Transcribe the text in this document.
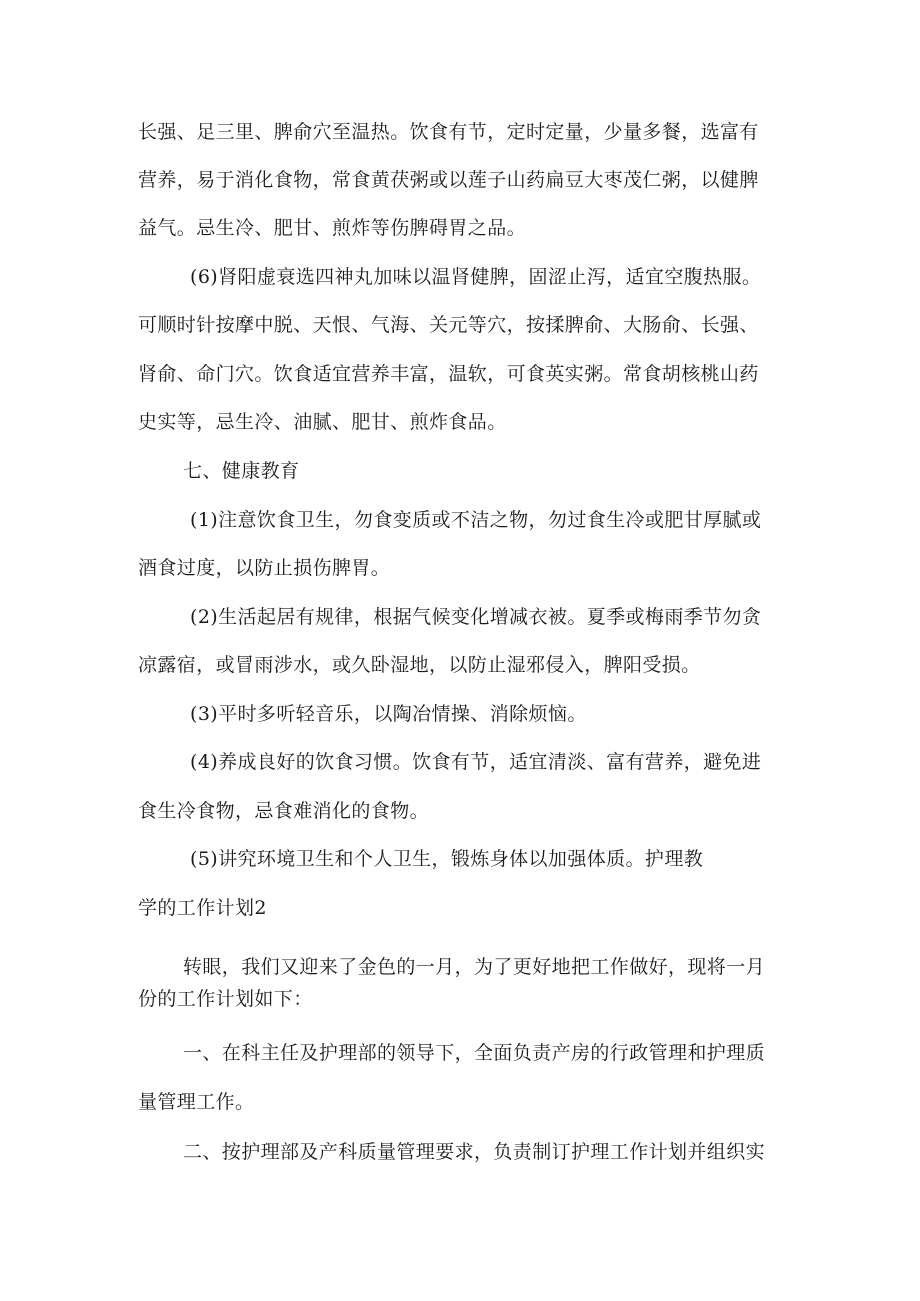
长强、足三里、脾俞穴至温热。饮食有节，定时定量，少量多餐，选富有
营养，易于消化食物，常食黄茯粥或以莲子山药扁豆大枣茂仁粥，以健脾
益气。忌生冷、肥甘、煎炸等伤脾碍胃之品。
(6)肾阳虚衰选四神丸加味以温肾健脾，固涩止泻，适宜空腹热服。
可顺时针按摩中脱、天恨、气海、关元等穴，按揉脾俞、大肠俞、长强、
肾俞、命门穴。饮食适宜营养丰富，温软，可食英实粥。常食胡核桃山药
史实等，忌生冷、油腻、肥甘、煎炸食品。
七、健康教育
(1)注意饮食卫生，勿食变质或不洁之物，勿过食生冷或肥甘厚腻或
酒食过度，以防止损伤脾胃。
(2)生活起居有规律，根据气候变化增减衣被。夏季或梅雨季节勿贪
凉露宿，或冒雨涉水，或久卧湿地，以防止湿邪侵入，脾阳受损。
(3)平时多听轻音乐，以陶冶情操、消除烦恼。
(4)养成良好的饮食习惯。饮食有节，适宜清淡、富有营养，避免进
食生冷食物，忌食难消化的食物。
(5)讲究环境卫生和个人卫生，锻炼身体以加强体质。护理教
学的工作计划2
转眼，我们又迎来了金色的一月，为了更好地把工作做好，现将一月
份的工作计划如下：
一、在科主任及护理部的领导下，全面负责产房的行政管理和护理质
量管理工作。
二、按护理部及产科质量管理要求，负责制订护理工作计划并组织实
